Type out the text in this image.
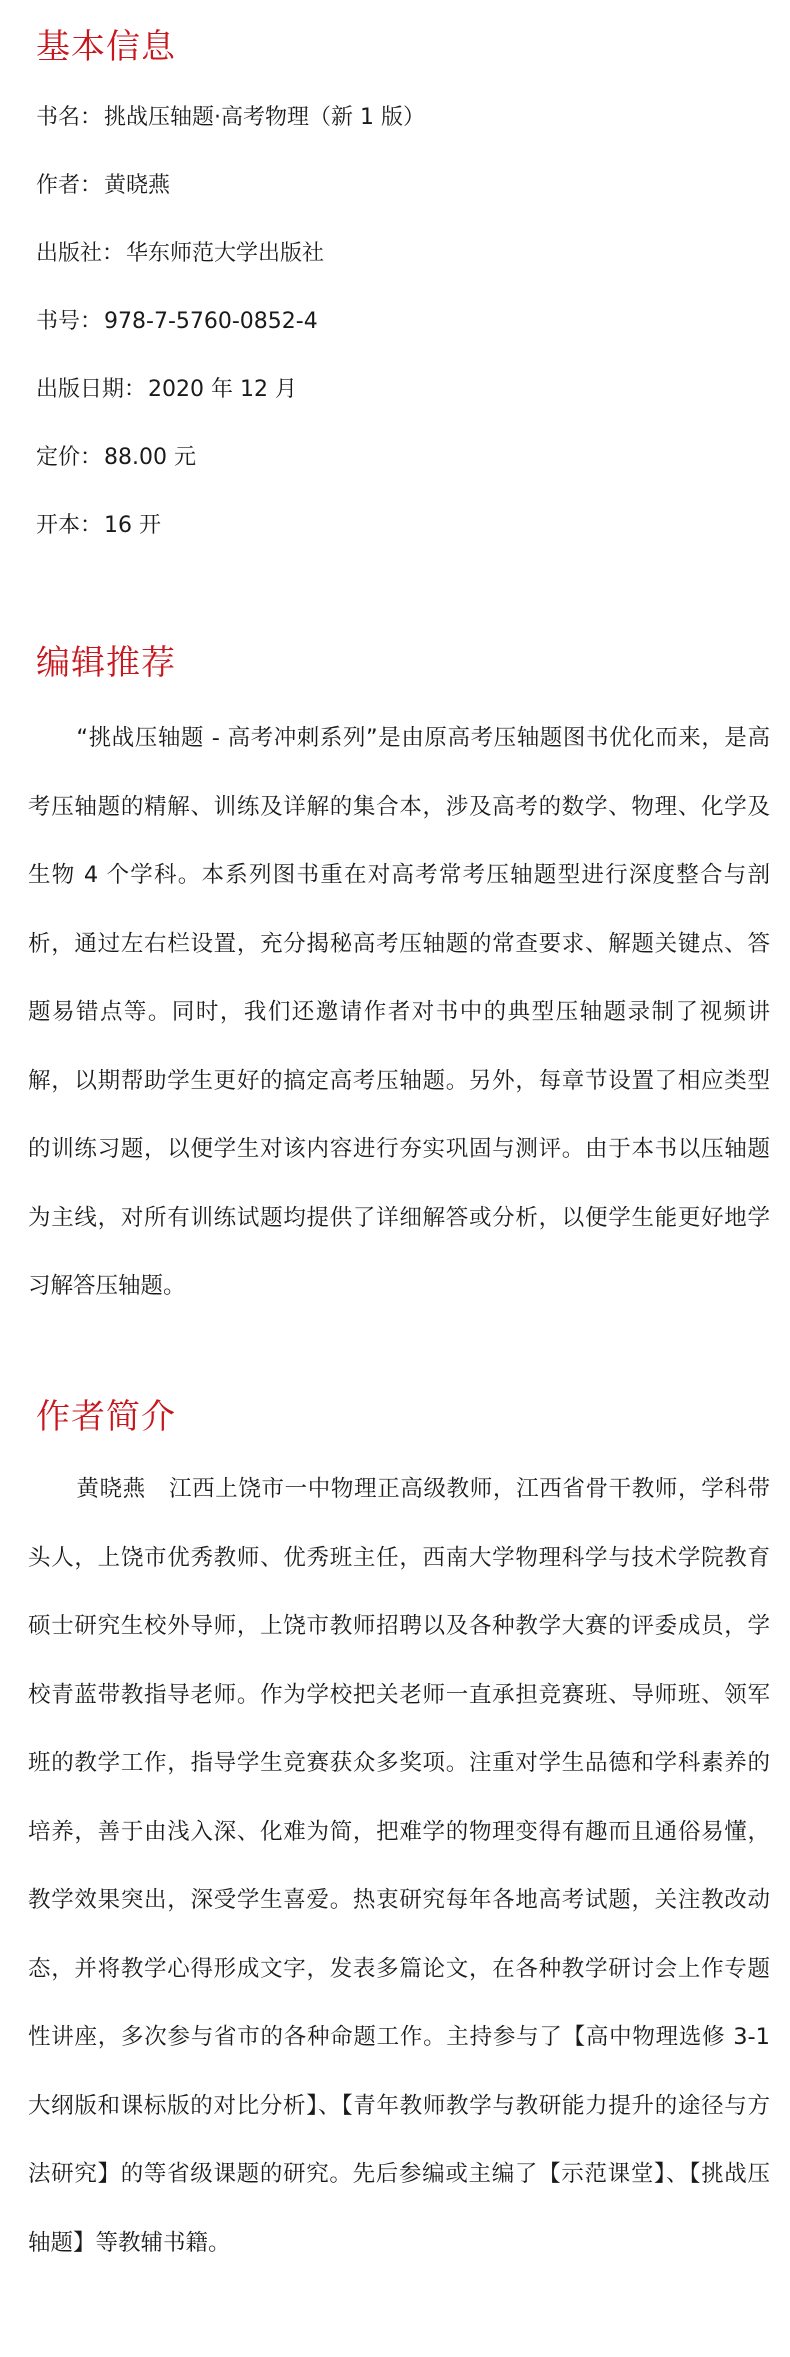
基本信息

书名：挑战压轴题·高考物理（新 1 版）

作者：黄晓燕

出版社：华东师范大学出版社

书号：978-7-5760-0852-4

出版日期：2020 年 12 月

定价：88.00 元

开本：16 开

编辑推荐

“挑战压轴题 - 高考冲刺系列”是由原高考压轴题图书优化而来，是高考压轴题的精解、训练及详解的集合本，涉及高考的数学、物理、化学及生物 4 个学科。本系列图书重在对高考常考压轴题型进行深度整合与剖析，通过左右栏设置，充分揭秘高考压轴题的常查要求、解题关键点、答题易错点等。同时，我们还邀请作者对书中的典型压轴题录制了视频讲解，以期帮助学生更好的搞定高考压轴题。另外，每章节设置了相应类型的训练习题，以便学生对该内容进行夯实巩固与测评。由于本书以压轴题为主线，对所有训练试题均提供了详细解答或分析，以便学生能更好地学习解答压轴题。

作者简介

黄晓燕　江西上饶市一中物理正高级教师，江西省骨干教师，学科带头人，上饶市优秀教师、优秀班主任，西南大学物理科学与技术学院教育硕士研究生校外导师，上饶市教师招聘以及各种教学大赛的评委成员，学校青蓝带教指导老师。作为学校把关老师一直承担竞赛班、导师班、领军班的教学工作，指导学生竞赛获众多奖项。注重对学生品德和学科素养的培养，善于由浅入深、化难为简，把难学的物理变得有趣而且通俗易懂，教学效果突出，深受学生喜爱。热衷研究每年各地高考试题，关注教改动态，并将教学心得形成文字，发表多篇论文，在各种教学研讨会上作专题性讲座，多次参与省市的各种命题工作。主持参与了【高中物理选修 3-1 大纲版和课标版的对比分析】、【青年教师教学与教研能力提升的途径与方法研究】的等省级课题的研究。先后参编或主编了【示范课堂】、【挑战压轴题】等教辅书籍。
